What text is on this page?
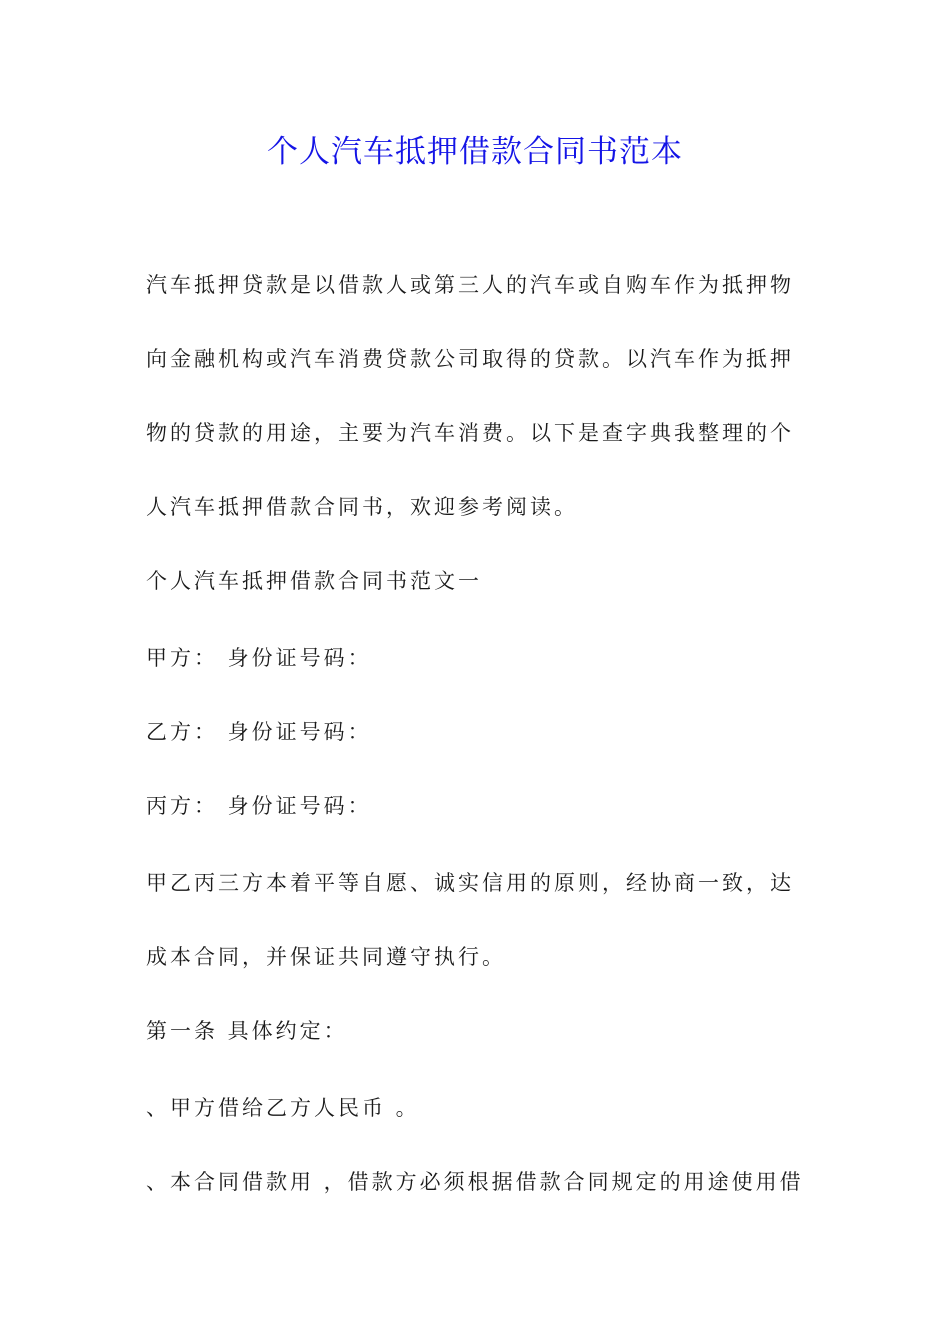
个人汽车抵押借款合同书范本
汽车抵押贷款是以借款人或第三人的汽车或自购车作为抵押物
向金融机构或汽车消费贷款公司取得的贷款。以汽车作为抵押
物的贷款的用途，主要为汽车消费。以下是查字典我整理的个
人汽车抵押借款合同书，欢迎参考阅读。
个人汽车抵押借款合同书范文一
甲方： 身份证号码：
乙方： 身份证号码：
丙方： 身份证号码：
甲乙丙三方本着平等自愿、诚实信用的原则，经协商一致，达
成本合同，并保证共同遵守执行。
第一条 具体约定：
、甲方借给乙方人民币 。
、本合同借款用 ，借款方必须根据借款合同规定的用途使用借
